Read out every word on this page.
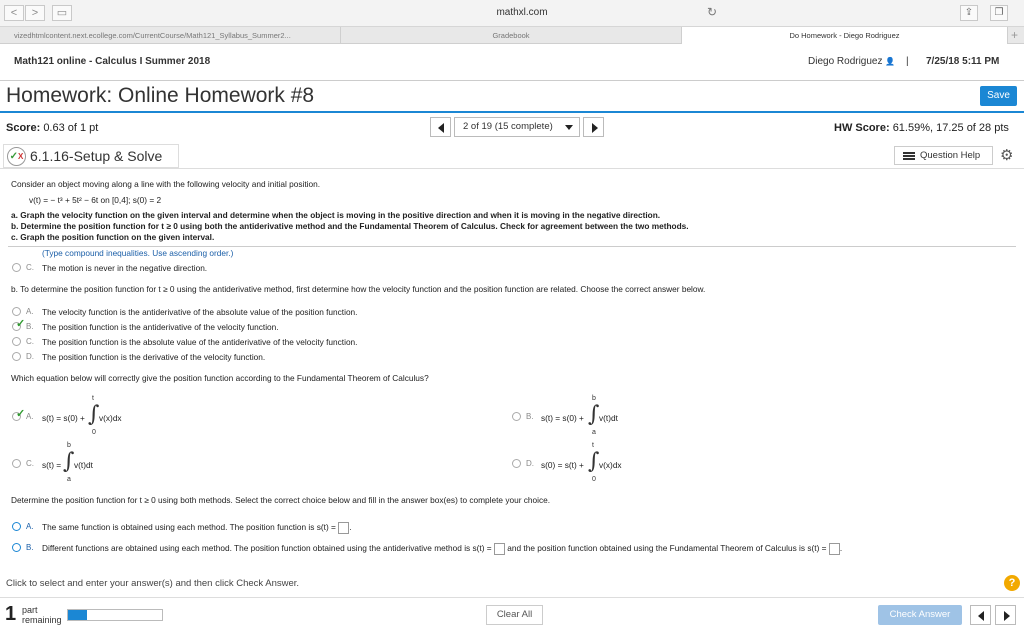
<	>	▭	mathxl.com	↻	⇪	❐
vizedhtmlcontent.next.ecollege.com/CurrentCourse/Math121_Syllabus_Summer2...	Gradebook	Do Homework - Diego Rodriguez	+
Math121 online - Calculus I Summer 2018	Diego Rodriguez 👤 | 7/25/18 5:11 PM
Homework: Online Homework #8	Save
Score: 0.63 of 1 pt	2 of 19 (15 complete)	HW Score: 61.59%, 17.25 of 28 pts
✓X 6.1.16-Setup & Solve	Question Help	⚙
Consider an object moving along a line with the following velocity and initial position.
v(t) = − t³ + 5t² − 6t on [0,4]; s(0) = 2
a. Graph the velocity function on the given interval and determine when the object is moving in the positive direction and when it is moving in the negative direction.
b. Determine the position function for t ≥ 0 using both the antiderivative method and the Fundamental Theorem of Calculus. Check for agreement between the two methods.
c. Graph the position function on the given interval.
(Type compound inequalities. Use ascending order.)
C. The motion is never in the negative direction.
b. To determine the position function for t ≥ 0 using the antiderivative method, first determine how the velocity function and the position function are related. Choose the correct answer below.
A. The velocity function is the antiderivative of the absolute value of the position function.
✓ B. The position function is the antiderivative of the velocity function.
C. The position function is the absolute value of the antiderivative of the velocity function.
D. The position function is the derivative of the velocity function.
Which equation below will correctly give the position function according to the Fundamental Theorem of Calculus?
✓ A. s(t) = s(0) +
t
∫
0
v(x)dx	B. s(t) = s(0) +
b
∫
a
v(t)dt
C. s(t) =
b
∫
a
v(t)dt	D. s(0) = s(t) +
t
∫
0
v(x)dx
Determine the position function for t ≥ 0 using both methods. Select the correct choice below and fill in the answer box(es) to complete your choice.
A. The same function is obtained using each method. The position function is s(t) = .
B. Different functions are obtained using each method. The position function obtained using the antiderivative method is s(t) = and the position function obtained using the Fundamental Theorem of Calculus is s(t) = .
Click to select and enter your answer(s) and then click Check Answer.	?
1 part
remaining	Clear All	Check Answer
